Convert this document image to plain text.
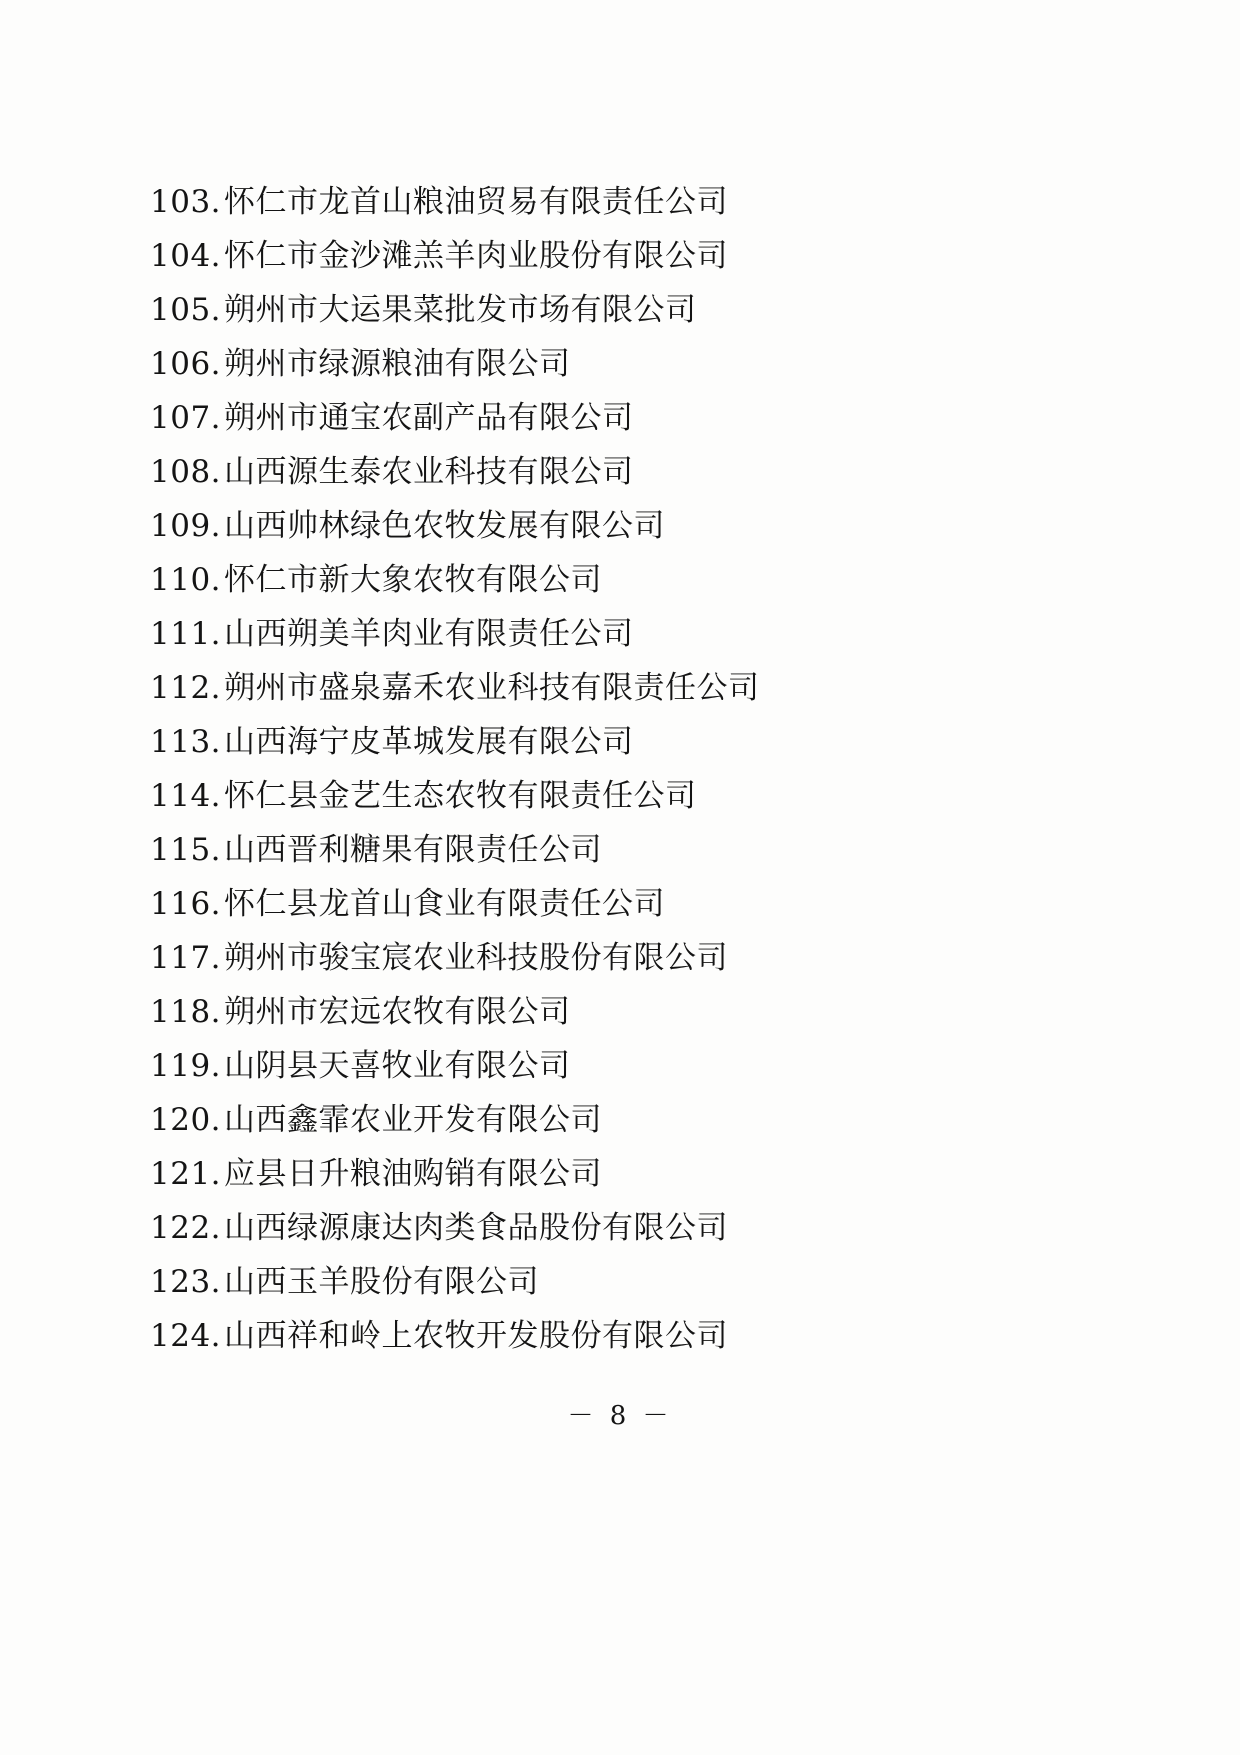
103.怀仁市龙首山粮油贸易有限责任公司
104.怀仁市金沙滩羔羊肉业股份有限公司
105.朔州市大运果菜批发市场有限公司
106.朔州市绿源粮油有限公司
107.朔州市通宝农副产品有限公司
108.山西源生泰农业科技有限公司
109.山西帅林绿色农牧发展有限公司
110.怀仁市新大象农牧有限公司
111.山西朔美羊肉业有限责任公司
112.朔州市盛泉嘉禾农业科技有限责任公司
113.山西海宁皮革城发展有限公司
114.怀仁县金艺生态农牧有限责任公司
115.山西晋利糖果有限责任公司
116.怀仁县龙首山食业有限责任公司
117.朔州市骏宝宸农业科技股份有限公司
118.朔州市宏远农牧有限公司
119.山阴县天喜牧业有限公司
120.山西鑫霏农业开发有限公司
121.应县日升粮油购销有限公司
122.山西绿源康达肉类食品股份有限公司
123.山西玉羊股份有限公司
124.山西祥和岭上农牧开发股份有限公司
－ 8 －
